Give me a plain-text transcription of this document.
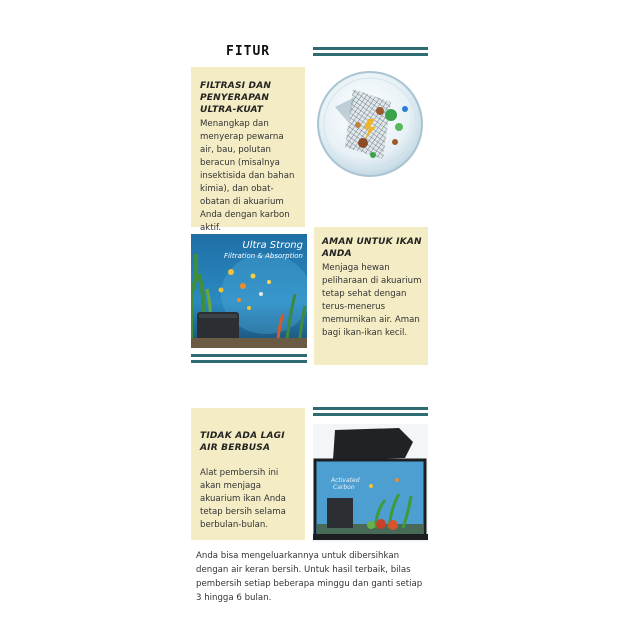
FITUR
FILTRASI DAN PENYERAPAN ULTRA-KUAT

Menangkap dan menyerap pewarna air, bau, polutan beracun (misalnya insektisida dan bahan kimia), dan obat-obatan di akuarium Anda dengan karbon aktif.

Ultra Strong
Filtration & Absorption
AMAN UNTUK IKAN ANDA

Menjaga hewan peliharaan di akuarium tetap sehat dengan terus-menerus memurnikan air. Aman bagi ikan-ikan kecil.

TIDAK ADA LAGI AIR BERBUSA

Alat pembersih ini akan menjaga akuarium ikan Anda tetap bersih selama berbulan-bulan.

Activated
Carbon
Anda bisa mengeluarkannya untuk dibersihkan dengan air keran bersih. Untuk hasil terbaik, bilas pembersih setiap beberapa minggu dan ganti setiap 3 hingga 6 bulan.
